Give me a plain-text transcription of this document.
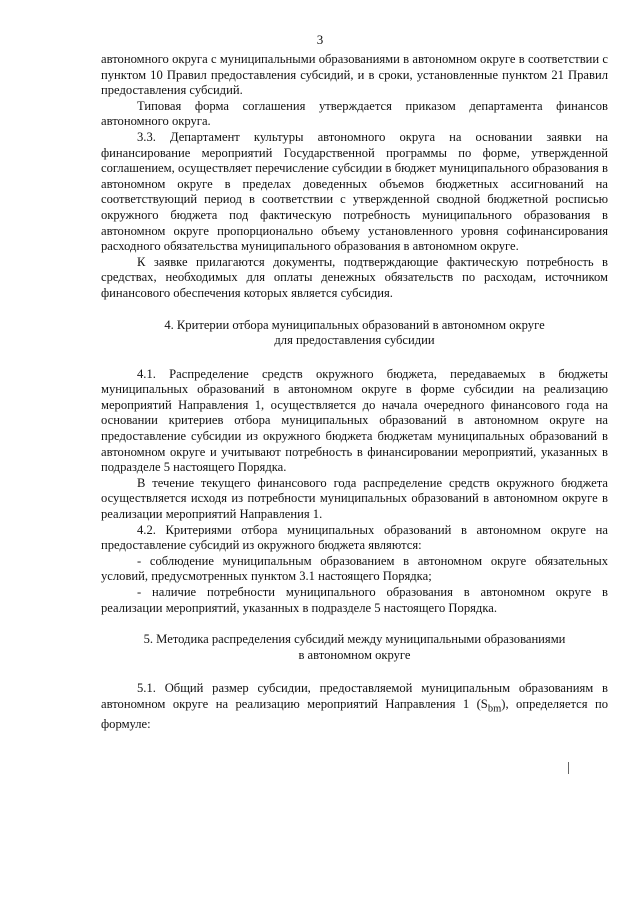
3

автономного округа с муниципальными образованиями в автономном округе в соответствии с пунктом 10 Правил предоставления субсидий, и в сроки, установленные пунктом 21 Правил предоставления субсидий.

Типовая форма соглашения утверждается приказом департамента финансов автономного округа.

3.3. Департамент культуры автономного округа на основании заявки на финансирование мероприятий Государственной программы по форме, утвержденной соглашением, осуществляет перечисление субсидии в бюджет муниципального образования в автономном округе в пределах доведенных объемов бюджетных ассигнований на соответствующий период в соответствии с утвержденной сводной бюджетной росписью окружного бюджета под фактическую потребность муниципального образования в автономном округе пропорционально объему установленного уровня софинансирования расходного обязательства муниципального образования в автономном округе.

К заявке прилагаются документы, подтверждающие фактическую потребность в средствах, необходимых для оплаты денежных обязательств по расходам, источником финансового обеспечения которых является субсидия.

4. Критерии отбора муниципальных образований в автономном округе
для предоставления субсидии

4.1. Распределение средств окружного бюджета, передаваемых в бюджеты муниципальных образований в автономном округе в форме субсидии на реализацию мероприятий Направления 1, осуществляется до начала очередного финансового года на основании критериев отбора муниципальных образований в автономном округе на предоставление субсидии из окружного бюджета бюджетам муниципальных образований в автономном округе и учитывают потребность в финансировании мероприятий, указанных в подразделе 5 настоящего Порядка.

В течение текущего финансового года распределение средств окружного бюджета осуществляется исходя из потребности муниципальных образований в автономном округе в реализации мероприятий Направления 1.

4.2. Критериями отбора муниципальных образований в автономном округе на предоставление субсидий из окружного бюджета являются:

- соблюдение муниципальным образованием в автономном округе обязательных условий, предусмотренных пунктом 3.1 настоящего Порядка;

- наличие потребности муниципального образования в автономном округе в реализации мероприятий, указанных в подразделе 5 настоящего Порядка.

5. Методика распределения субсидий между муниципальными образованиями
в автономном округе

5.1. Общий размер субсидии, предоставляемой муниципальным образованиям в автономном округе на реализацию мероприятий Направления 1 $(S_{bm})$, определяется по формуле:
